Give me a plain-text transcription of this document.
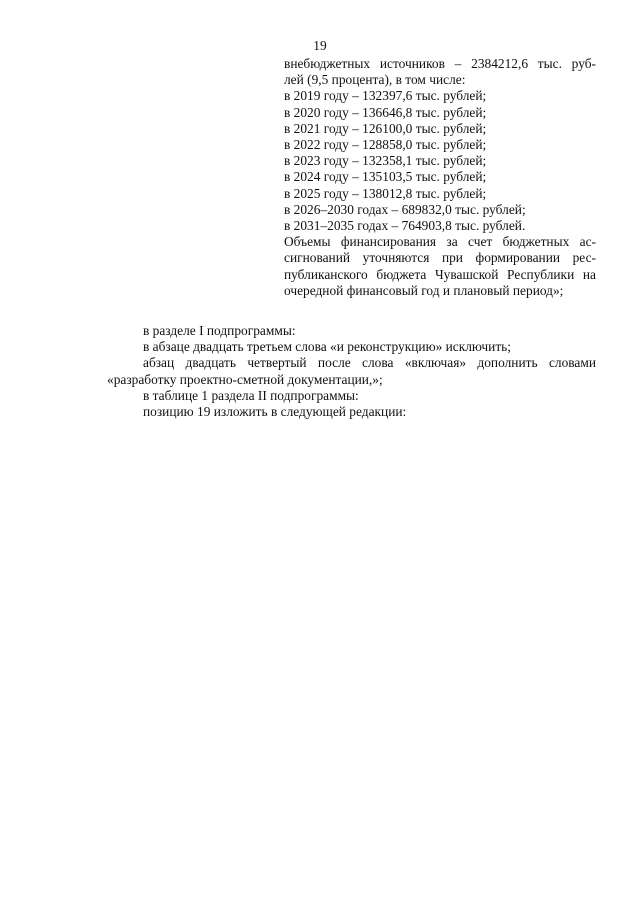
19
внебюджетных источников – 2384212,6 тыс. руб-
лей (9,5 процента), в том числе:
в 2019 году – 132397,6 тыс. рублей;
в 2020 году – 136646,8 тыс. рублей;
в 2021 году – 126100,0 тыс. рублей;
в 2022 году – 128858,0 тыс. рублей;
в 2023 году – 132358,1 тыс. рублей;
в 2024 году – 135103,5 тыс. рублей;
в 2025 году – 138012,8 тыс. рублей;
в 2026–2030 годах – 689832,0 тыс. рублей;
в 2031–2035 годах – 764903,8 тыс. рублей.
Объемы финансирования за счет бюджетных ас-
сигнований уточняются при формировании рес-
публиканского бюджета Чувашской Республики на
очередной финансовый год и плановый период»;
в разделе I подпрограммы:
в абзаце двадцать третьем слова «и реконструкцию» исключить;
абзац двадцать четвертый после слова «включая» дополнить словами
«разработку проектно-сметной документации,»;
в таблице 1 раздела II подпрограммы:
позицию 19 изложить в следующей редакции:
